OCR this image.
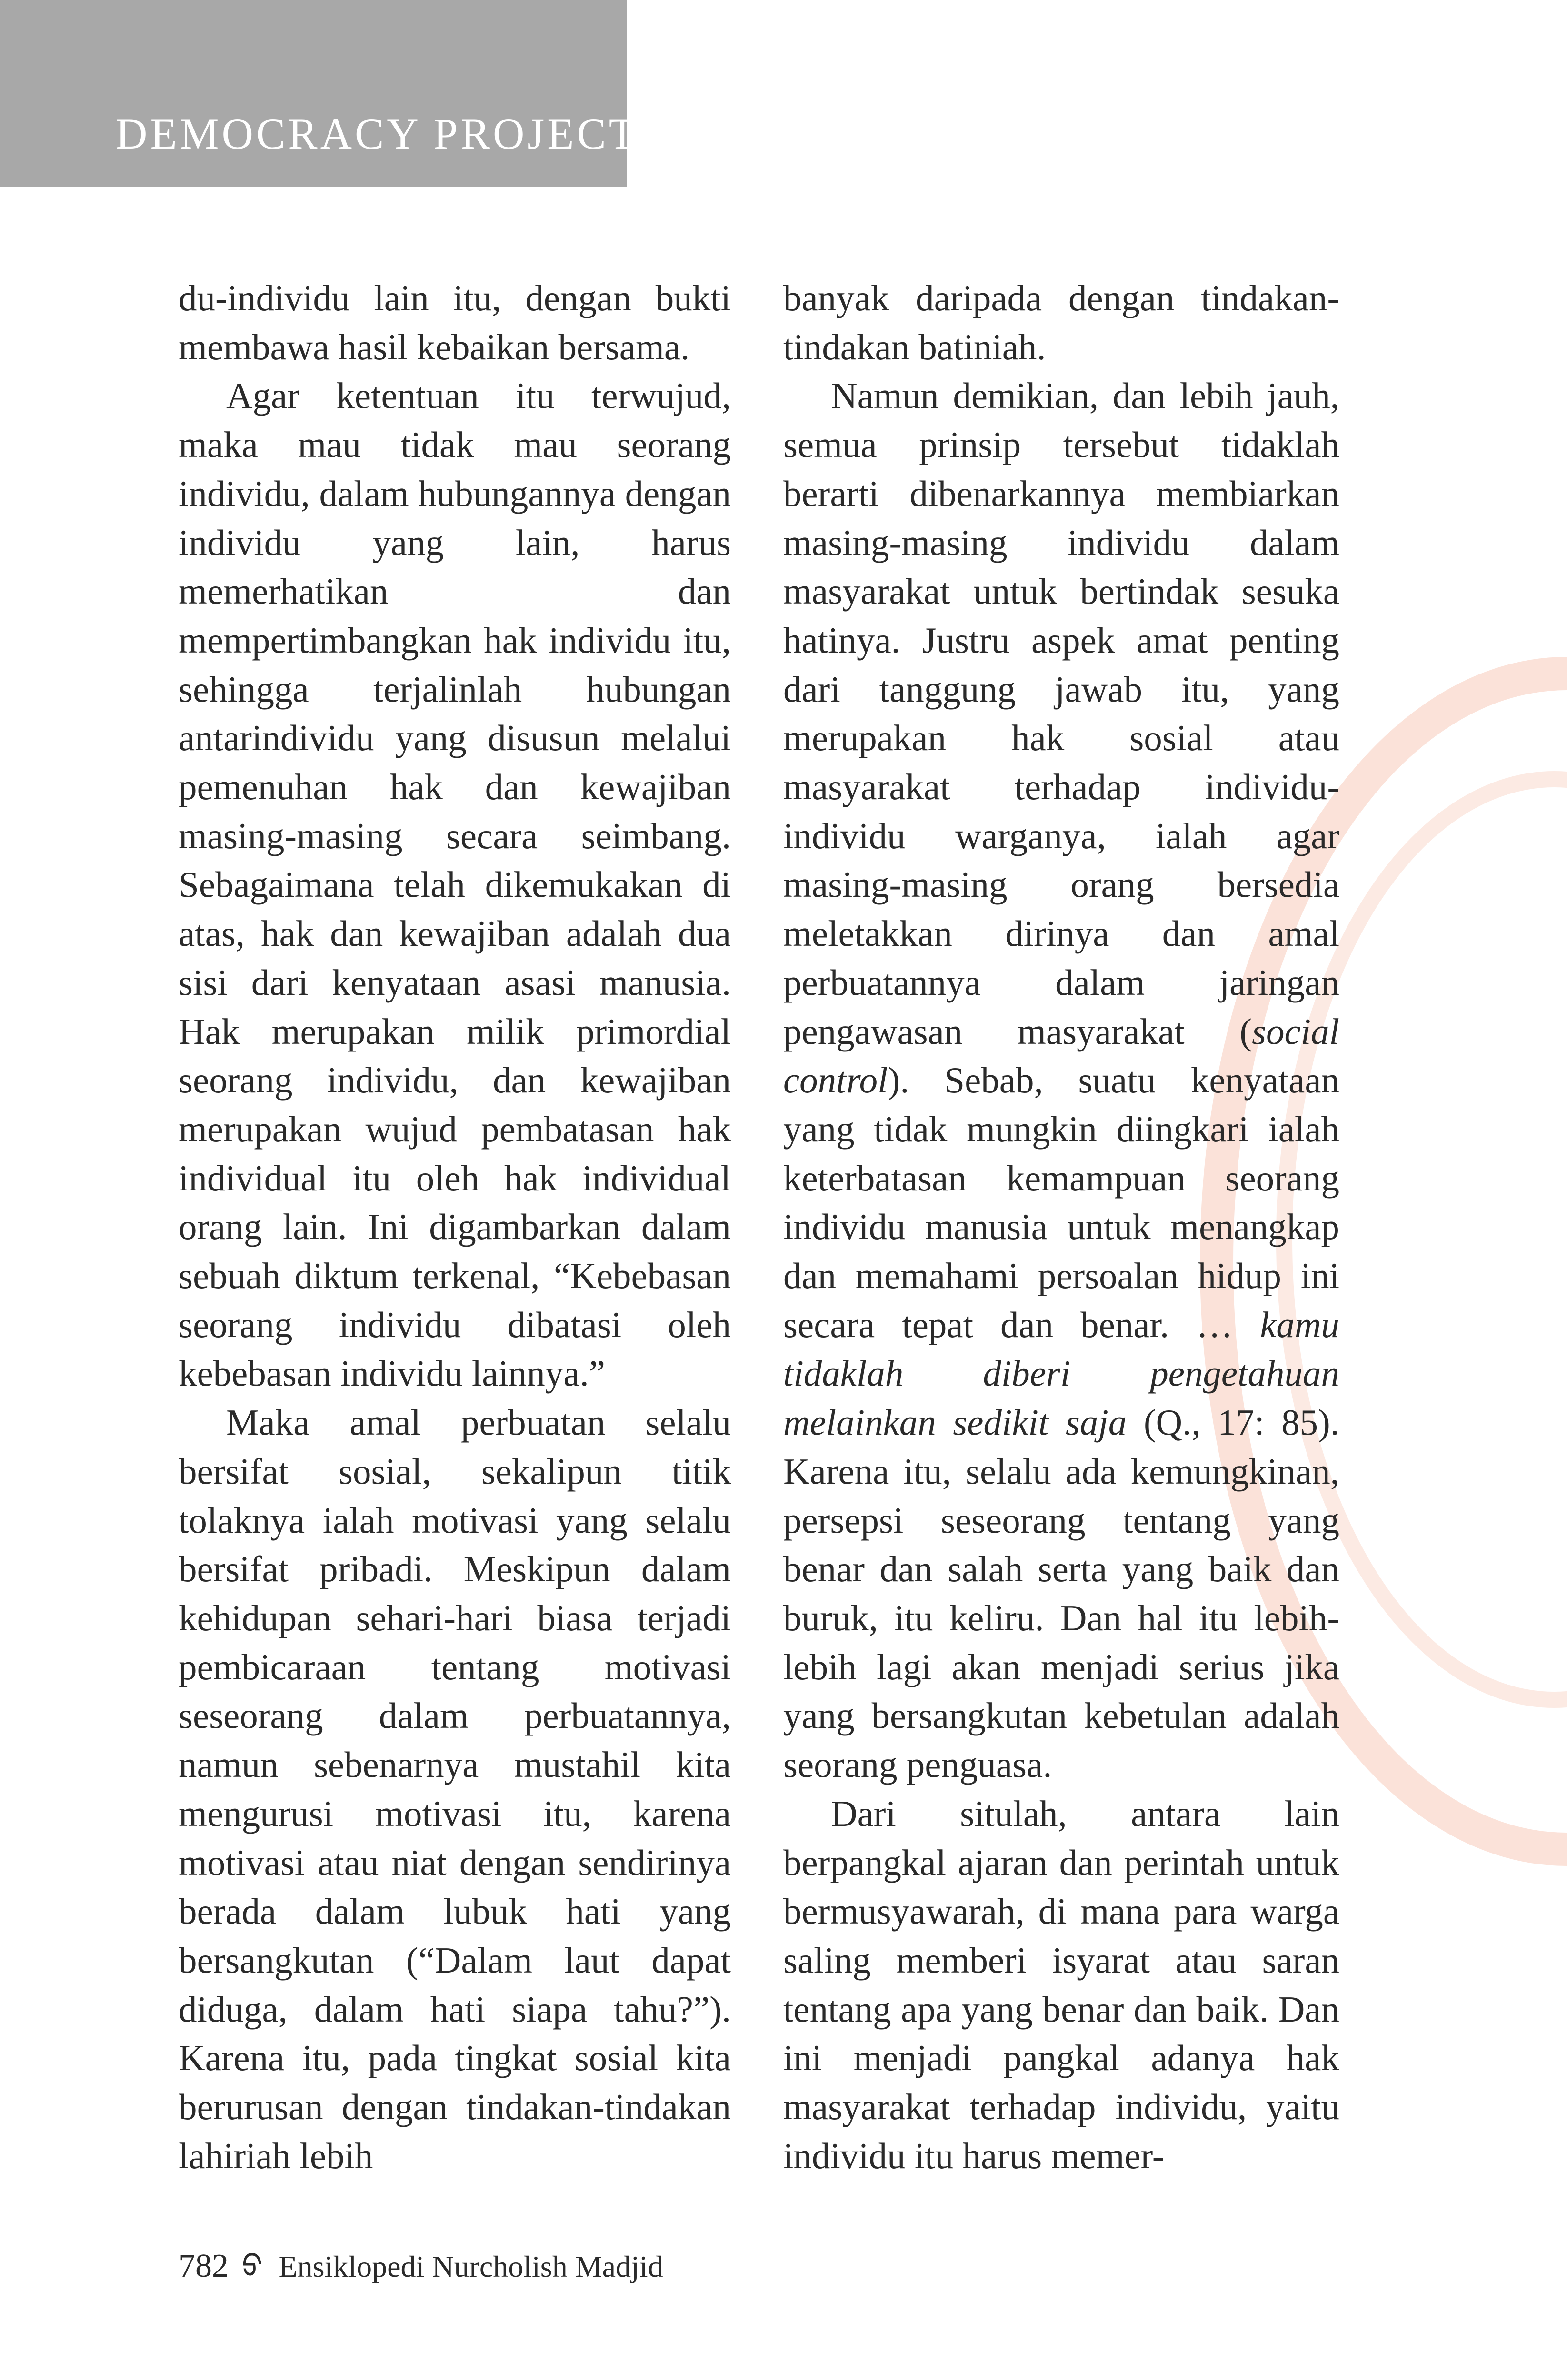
DEMOCRACY PROJECT

du-individu lain itu, dengan bukti membawa hasil kebaikan bersama.

Agar ketentuan itu terwujud, maka mau tidak mau seorang individu, dalam hubungannya dengan individu yang lain, harus memerhatikan dan mempertimbangkan hak individu itu, sehingga terjalinlah hubungan antarindividu yang disusun melalui pemenuhan hak dan kewajiban masing-masing secara seimbang. Sebagaimana telah dikemukakan di atas, hak dan kewajiban adalah dua sisi dari kenyataan asasi manusia. Hak merupakan milik primordial seorang individu, dan kewajiban merupakan wujud pembatasan hak individual itu oleh hak individual orang lain. Ini digambarkan dalam sebuah diktum terkenal, “Kebebasan seorang individu dibatasi oleh kebebasan individu lainnya.”

Maka amal perbuatan selalu bersifat sosial, sekalipun titik tolaknya ialah motivasi yang selalu bersifat pribadi. Meskipun dalam kehidupan sehari-hari biasa terjadi pembicaraan tentang motivasi seseorang dalam perbuatannya, namun sebenarnya mustahil kita mengurusi motivasi itu, karena motivasi atau niat dengan sendirinya berada dalam lubuk hati yang bersangkutan (“Dalam laut dapat diduga, dalam hati siapa tahu?”). Karena itu, pada tingkat sosial kita berurusan dengan tindakan-tindakan lahiriah lebih

banyak daripada dengan tindakan-tindakan batiniah.

Namun demikian, dan lebih jauh, semua prinsip tersebut tidaklah berarti dibenarkannya membiarkan masing-masing individu dalam masyarakat untuk bertindak sesuka hatinya. Justru aspek amat penting dari tanggung jawab itu, yang merupakan hak sosial atau masyarakat terhadap individu-individu warganya, ialah agar masing-masing orang bersedia meletakkan dirinya dan amal perbuatannya dalam jaringan pengawasan masyarakat (social control). Sebab, suatu kenyataan yang tidak mungkin diingkari ialah keterbatasan kemampuan seorang individu manusia untuk menangkap dan memahami persoalan hidup ini secara tepat dan benar. … kamu tidaklah diberi pengetahuan melainkan sedikit saja (Q., 17: 85). Karena itu, selalu ada kemungkinan, persepsi seseorang tentang yang benar dan salah serta yang baik dan buruk, itu keliru. Dan hal itu lebih-lebih lagi akan menjadi serius jika yang bersangkutan kebetulan adalah seorang penguasa.

Dari situlah, antara lain berpangkal ajaran dan perintah untuk bermusyawarah, di mana para warga saling memberi isyarat atau saran tentang apa yang benar dan baik. Dan ini menjadi pangkal adanya hak masyarakat terhadap individu, yaitu individu itu harus memer-

782 ᢒ Ensiklopedi Nurcholish Madjid
